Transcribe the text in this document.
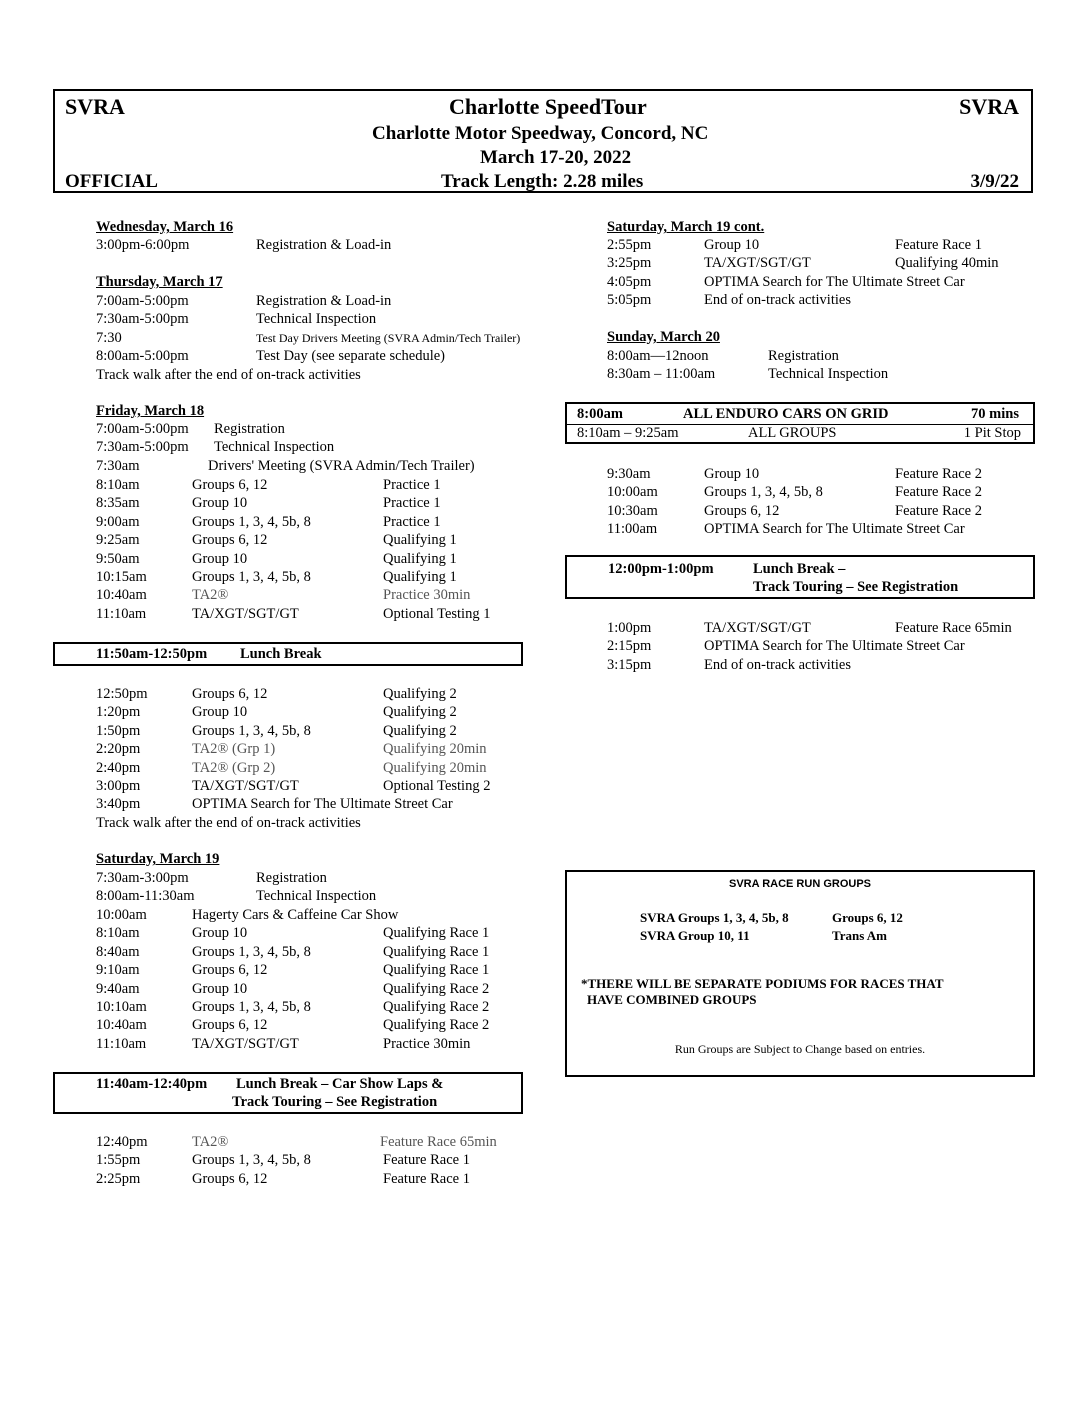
SVRA	Charlotte SpeedTour	SVRA
Charlotte Motor Speedway, Concord, NC
March 17-20, 2022
OFFICIAL	Track Length: 2.28 miles	3/9/22
Wednesday, March 16
3:00pm-6:00pm	Registration & Load-in
Thursday, March 17
7:00am-5:00pm	Registration & Load-in
7:30am-5:00pm	Technical Inspection
7:30	Test Day Drivers Meeting (SVRA Admin/Tech Trailer)
8:00am-5:00pm	Test Day (see separate schedule)
Track walk after the end of on-track activities
Friday, March 18
7:00am-5:00pm Registration
7:30am-5:00pm Technical Inspection
7:30am	Drivers' Meeting (SVRA Admin/Tech Trailer)
8:10am	Groups 6, 12	Practice 1
8:35am	Group 10	Practice 1
9:00am	Groups 1, 3, 4, 5b, 8	Practice 1
9:25am	Groups 6, 12	Qualifying 1
9:50am	Group 10	Qualifying 1
10:15am	Groups 1, 3, 4, 5b, 8	Qualifying 1
10:40am	TA2®	Practice 30min
11:10am	TA/XGT/SGT/GT	Optional Testing 1
11:50am-12:50pm Lunch Break
12:50pm	Groups 6, 12	Qualifying 2
1:20pm	Group 10	Qualifying 2
1:50pm	Groups 1, 3, 4, 5b, 8	Qualifying 2
2:20pm	TA2® (Grp 1)	Qualifying 20min
2:40pm	TA2® (Grp 2)	Qualifying 20min
3:00pm	TA/XGT/SGT/GT	Optional Testing 2
3:40pm	OPTIMA Search for The Ultimate Street Car
Track walk after the end of on-track activities
Saturday, March 19
7:30am-3:00pm	Registration
8:00am-11:30am	Technical Inspection
10:00am	Hagerty Cars & Caffeine Car Show
8:10am	Group 10	Qualifying Race 1
8:40am	Groups 1, 3, 4, 5b, 8	Qualifying Race 1
9:10am	Groups 6, 12	Qualifying Race 1
9:40am	Group 10	Qualifying Race 2
10:10am	Groups 1, 3, 4, 5b, 8	Qualifying Race 2
10:40am	Groups 6, 12	Qualifying Race 2
11:10am	TA/XGT/SGT/GT	Practice 30min
11:40am-12:40pm Lunch Break – Car Show Laps &
Track Touring – See Registration
12:40pm	TA2®	Feature Race 65min
1:55pm	Groups 1, 3, 4, 5b, 8	Feature Race 1
2:25pm	Groups 6, 12	Feature Race 1
Saturday, March 19 cont.
2:55pm	Group 10	Feature Race 1
3:25pm	TA/XGT/SGT/GT	Qualifying 40min
4:05pm	OPTIMA Search for The Ultimate Street Car
5:05pm	End of on-track activities
Sunday, March 20
8:00am—12noon	Registration
8:30am – 11:00am	Technical Inspection
8:00am	ALL ENDURO CARS ON GRID	70 mins
8:10am – 9:25am	ALL GROUPS	1 Pit Stop
9:30am	Group 10	Feature Race 2
10:00am	Groups 1, 3, 4, 5b, 8	Feature Race 2
10:30am	Groups 6, 12	Feature Race 2
11:00am	OPTIMA Search for The Ultimate Street Car
12:00pm-1:00pm	Lunch Break –
Track Touring – See Registration
1:00pm	TA/XGT/SGT/GT	Feature Race 65min
2:15pm	OPTIMA Search for The Ultimate Street Car
3:15pm	End of on-track activities
SVRA RACE RUN GROUPS
SVRA Groups 1, 3, 4, 5b, 8	Groups 6, 12
SVRA Group 10, 11	Trans Am
*THERE WILL BE SEPARATE PODIUMS FOR RACES THAT
HAVE COMBINED GROUPS
Run Groups are Subject to Change based on entries.
